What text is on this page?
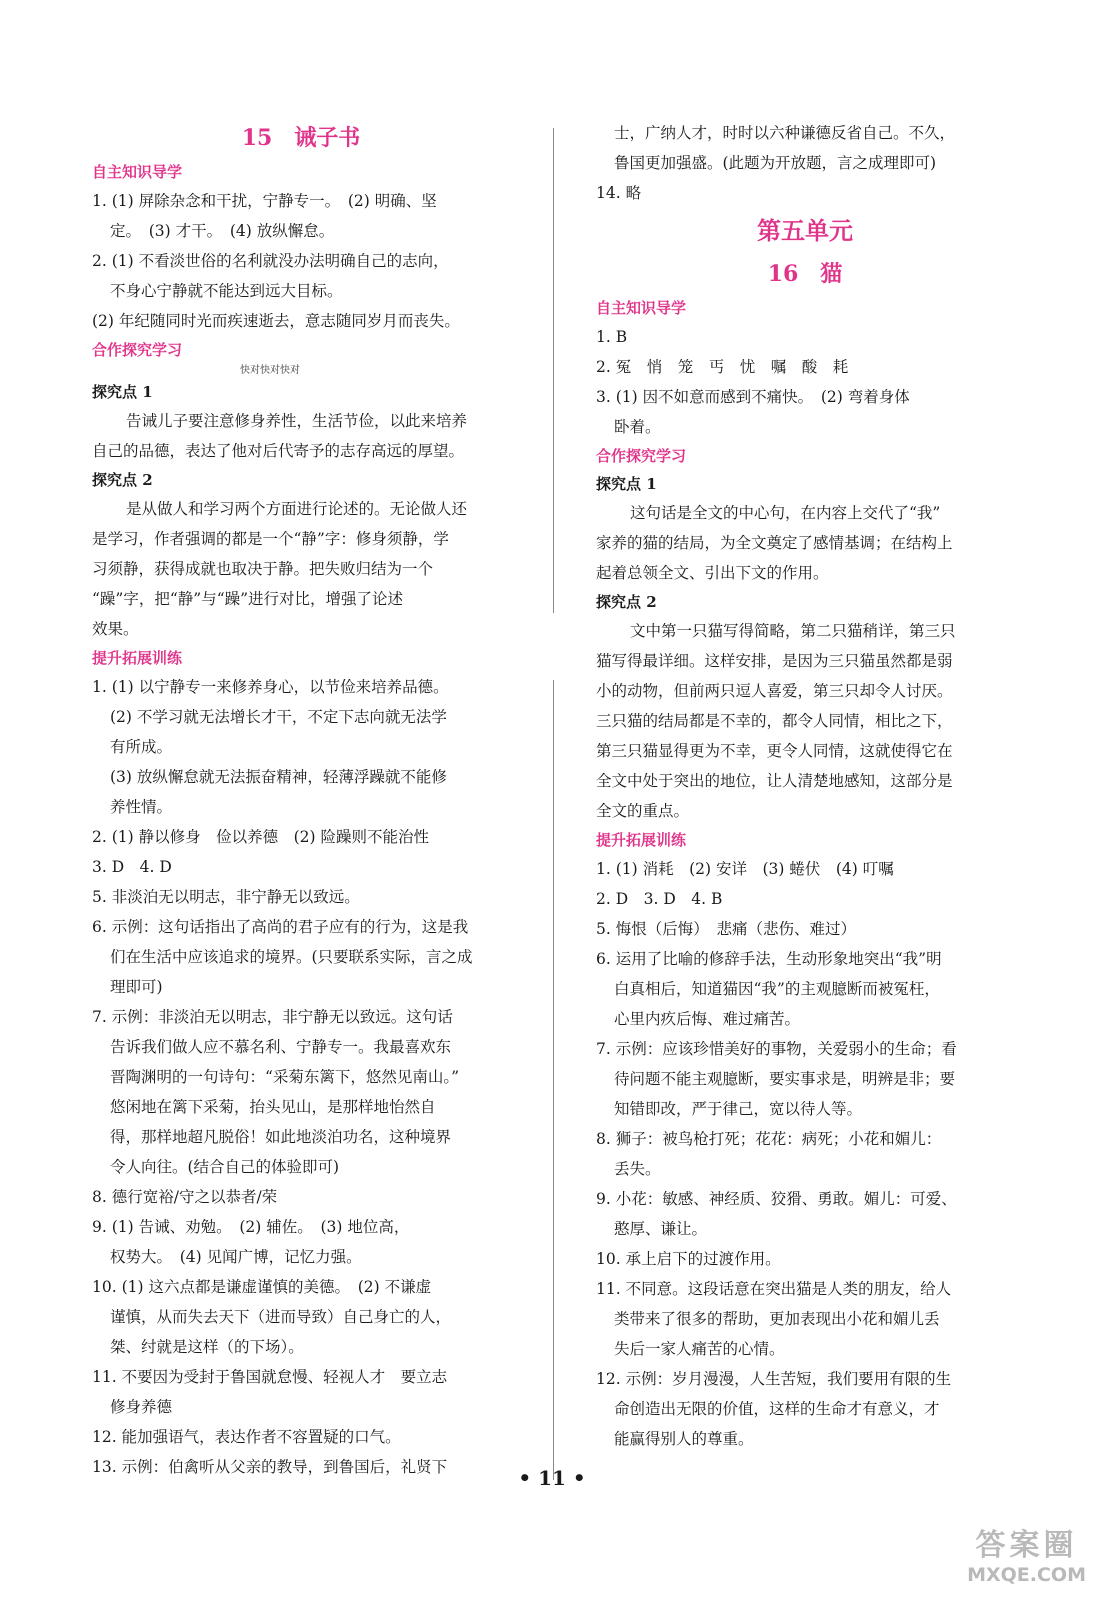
15　诫子书
自主知识导学
1. (1) 屏除杂念和干扰，宁静专一。　(2) 明确、坚
定。　(3) 才干。　(4) 放纵懈怠。
2. (1) 不看淡世俗的名利就没办法明确自己的志向，
不身心宁静就不能达到远大目标。
(2) 年纪随同时光而疾速逝去，意志随同岁月而丧失。
合作探究学习
快对快对快对
探究点 1
告诫儿子要注意修身养性，生活节俭，以此来培养
自己的品德，表达了他对后代寄予的志存高远的厚望。
探究点 2
是从做人和学习两个方面进行论述的。无论做人还
是学习，作者强调的都是一个“静”字：修身须静，学
习须静，获得成就也取决于静。把失败归结为一个
“躁”字，把“静”与“躁”进行对比，增强了论述
效果。
提升拓展训练
1. (1) 以宁静专一来修养身心，以节俭来培养品德。
(2) 不学习就无法增长才干，不定下志向就无法学
有所成。
(3) 放纵懈怠就无法振奋精神，轻薄浮躁就不能修
养性情。
2. (1) 静以修身　俭以养德　(2) 险躁则不能治性
3. D　4. D
5. 非淡泊无以明志，非宁静无以致远。
6. 示例：这句话指出了高尚的君子应有的行为，这是我
们在生活中应该追求的境界。(只要联系实际，言之成
理即可)
7. 示例：非淡泊无以明志，非宁静无以致远。这句话
告诉我们做人应不慕名利、宁静专一。我最喜欢东
晋陶渊明的一句诗句：“采菊东篱下，悠然见南山。”
悠闲地在篱下采菊，抬头见山，是那样地怡然自
得，那样地超凡脱俗！如此地淡泊功名，这种境界
令人向往。(结合自己的体验即可)
8. 德行宽裕/守之以恭者/荣
9. (1) 告诫、劝勉。　(2) 辅佐。　(3) 地位高，
权势大。　(4) 见闻广博，记忆力强。
10. (1) 这六点都是谦虚谨慎的美德。　(2) 不谦虚
谨慎，从而失去天下（进而导致）自己身亡的人，
桀、纣就是这样（的下场）。
11. 不要因为受封于鲁国就怠慢、轻视人才　要立志
修身养德
12. 能加强语气，表达作者不容置疑的口气。
13. 示例：伯禽听从父亲的教导，到鲁国后，礼贤下
士，广纳人才，时时以六种谦德反省自己。不久，
鲁国更加强盛。(此题为开放题，言之成理即可)
14. 略
第五单元
16　猫
自主知识导学
1. B
2. 冤　悄　笼　丐　忧　嘱　酸　耗
3. (1) 因不如意而感到不痛快。　(2) 弯着身体
卧着。
合作探究学习
探究点 1
这句话是全文的中心句，在内容上交代了“我”
家养的猫的结局，为全文奠定了感情基调；在结构上
起着总领全文、引出下文的作用。
探究点 2
文中第一只猫写得简略，第二只猫稍详，第三只
猫写得最详细。这样安排，是因为三只猫虽然都是弱
小的动物，但前两只逗人喜爱，第三只却令人讨厌。
三只猫的结局都是不幸的，都令人同情，相比之下，
第三只猫显得更为不幸，更令人同情，这就使得它在
全文中处于突出的地位，让人清楚地感知，这部分是
全文的重点。
提升拓展训练
1. (1) 消耗　(2) 安详　(3) 蜷伏　(4) 叮嘱
2. D　3. D　4. B
5. 悔恨（后悔）　悲痛（悲伤、难过）
6. 运用了比喻的修辞手法，生动形象地突出“我”明
白真相后，知道猫因“我”的主观臆断而被冤枉，
心里内疚后悔、难过痛苦。
7. 示例：应该珍惜美好的事物，关爱弱小的生命；看
待问题不能主观臆断，要实事求是，明辨是非；要
知错即改，严于律己，宽以待人等。
8. 狮子：被鸟枪打死；花花：病死；小花和媚儿：
丢失。
9. 小花：敏感、神经质、狡猾、勇敢。媚儿：可爱、
憨厚、谦让。
10. 承上启下的过渡作用。
11. 不同意。这段话意在突出猫是人类的朋友，给人
类带来了很多的帮助，更加表现出小花和媚儿丢
失后一家人痛苦的心情。
12. 示例：岁月漫漫，人生苦短，我们要用有限的生
命创造出无限的价值，这样的生命才有意义，才
能赢得别人的尊重。
• 11 •
答案圈
MXQE.COM
